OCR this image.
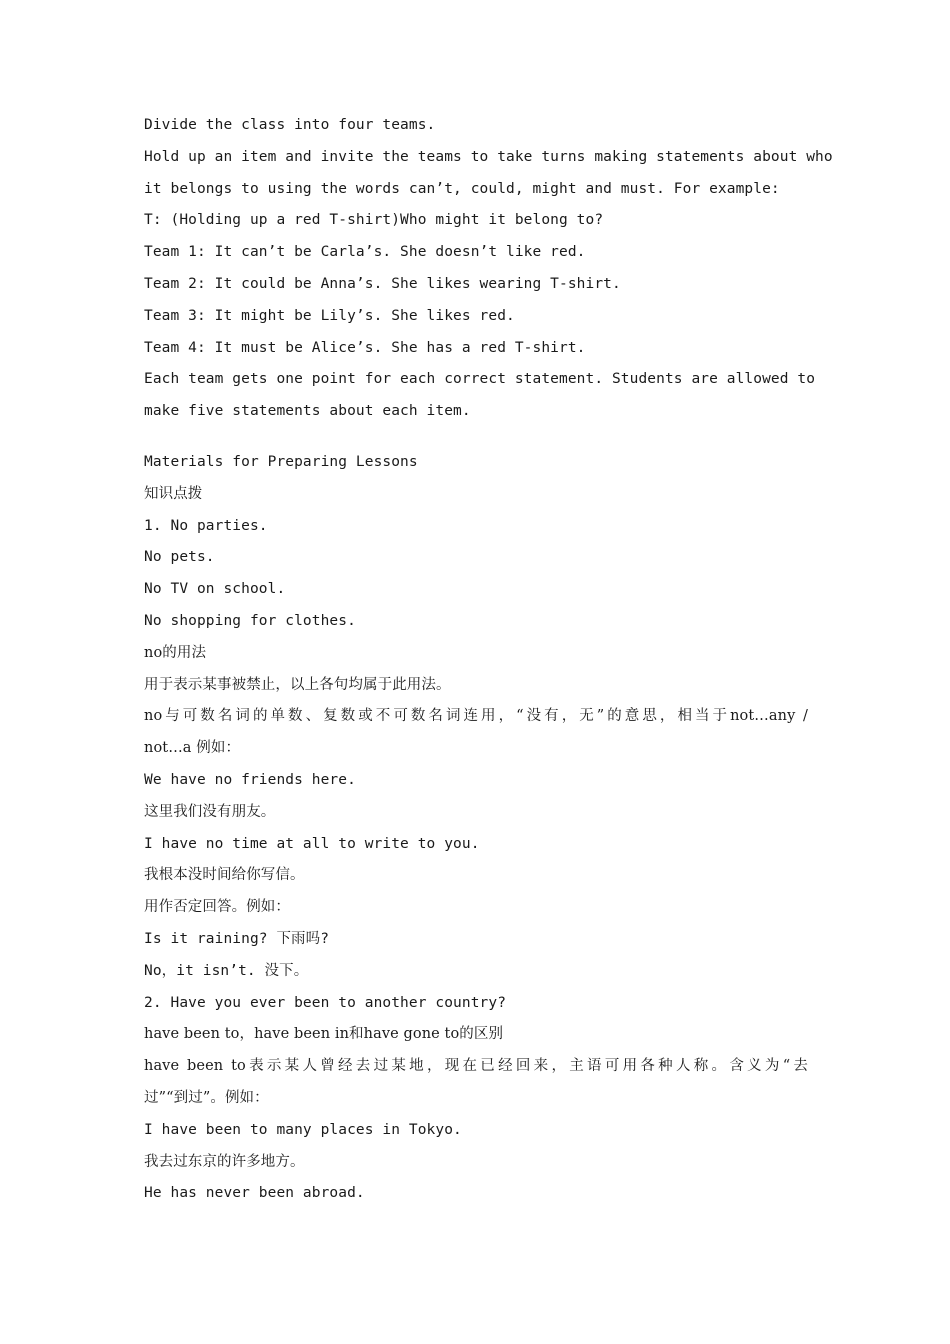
Divide the class into four teams.
Hold up an item and invite the teams to take turns making statements about who
it belongs to using the words can’t, could, might and must. For example:
T: (Holding up a red T-shirt)Who might it belong to?
Team 1: It can’t be Carla’s. She doesn’t like red.
Team 2: It could be Anna’s. She likes wearing T-shirt.
Team 3: It might be Lily’s. She likes red.
Team 4: It must be Alice’s. She has a red T-shirt.
Each team gets one point for each correct statement. Students are allowed to
make five statements about each item.
Materials for Preparing Lessons
知识点拨
1. No parties.
No pets.
No TV on school.
No shopping for clothes.
no的用法
用于表示某事被禁止，以上各句均属于此用法。
no与可数名词的单数、复数或不可数名词连用，“没有，无”的意思，相当于not…any /
not…a 例如：
We have no friends here.
这里我们没有朋友。
I have no time at all to write to you.
我根本没时间给你写信。
用作否定回答。例如：
Is it raining? 下雨吗?
No，it isn’t. 没下。
2. Have you ever been to another country?
have been to，have been in和have gone to的区别
have been to表示某人曾经去过某地，现在已经回来，主语可用各种人称。含义为“去
过”“到过”。例如：
I have been to many places in Tokyo.
我去过东京的许多地方。
He has never been abroad.
